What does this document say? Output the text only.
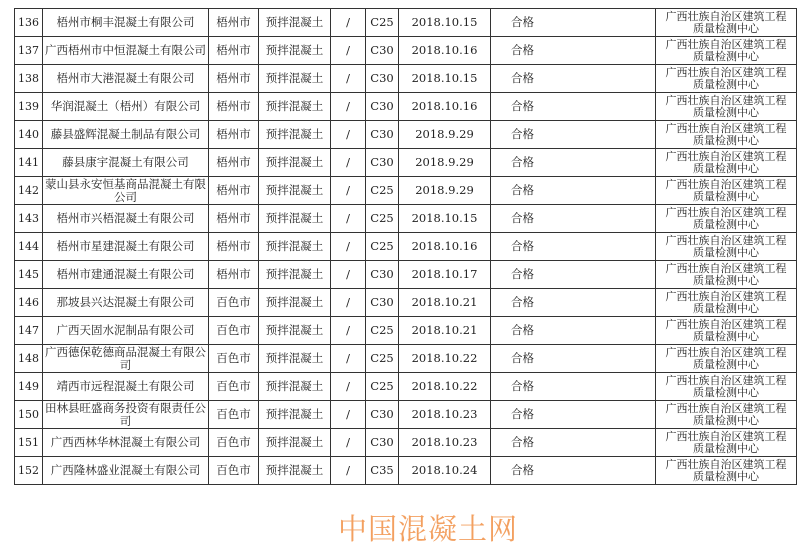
136	梧州市桐丰混凝土有限公司	梧州市	预拌混凝土	/	C25	2018.10.15	合格	广西壮族自治区建筑工程
质量检测中心

137	广西梧州市中恒混凝土有限公司	梧州市	预拌混凝土	/	C30	2018.10.16	合格	广西壮族自治区建筑工程
质量检测中心

138	梧州市大港混凝土有限公司	梧州市	预拌混凝土	/	C30	2018.10.15	合格	广西壮族自治区建筑工程
质量检测中心

139	华润混凝土（梧州）有限公司	梧州市	预拌混凝土	/	C30	2018.10.16	合格	广西壮族自治区建筑工程
质量检测中心

140	藤县盛辉混凝土制品有限公司	梧州市	预拌混凝土	/	C30	2018.9.29	合格	广西壮族自治区建筑工程
质量检测中心

141	藤县康宇混凝土有限公司	梧州市	预拌混凝土	/	C30	2018.9.29	合格	广西壮族自治区建筑工程
质量检测中心

142	蒙山县永安恒基商品混凝土有限公司	梧州市	预拌混凝土	/	C25	2018.9.29	合格	广西壮族自治区建筑工程
质量检测中心

143	梧州市兴梧混凝土有限公司	梧州市	预拌混凝土	/	C25	2018.10.15	合格	广西壮族自治区建筑工程
质量检测中心

144	梧州市星建混凝土有限公司	梧州市	预拌混凝土	/	C25	2018.10.16	合格	广西壮族自治区建筑工程
质量检测中心

145	梧州市建通混凝土有限公司	梧州市	预拌混凝土	/	C30	2018.10.17	合格	广西壮族自治区建筑工程
质量检测中心

146	那坡县兴达混凝土有限公司	百色市	预拌混凝土	/	C30	2018.10.21	合格	广西壮族自治区建筑工程
质量检测中心

147	广西天固水泥制品有限公司	百色市	预拌混凝土	/	C25	2018.10.21	合格	广西壮族自治区建筑工程
质量检测中心

148	广西德保乾德商品混凝土有限公司	百色市	预拌混凝土	/	C25	2018.10.22	合格	广西壮族自治区建筑工程
质量检测中心

149	靖西市远程混凝土有限公司	百色市	预拌混凝土	/	C25	2018.10.22	合格	广西壮族自治区建筑工程
质量检测中心

150	田林县旺盛商务投资有限责任公司	百色市	预拌混凝土	/	C30	2018.10.23	合格	广西壮族自治区建筑工程
质量检测中心

151	广西西林华林混凝土有限公司	百色市	预拌混凝土	/	C30	2018.10.23	合格	广西壮族自治区建筑工程
质量检测中心

152	广西隆林盛业混凝土有限公司	百色市	预拌混凝土	/	C35	2018.10.24	合格	广西壮族自治区建筑工程
质量检测中心
中国混凝土网
